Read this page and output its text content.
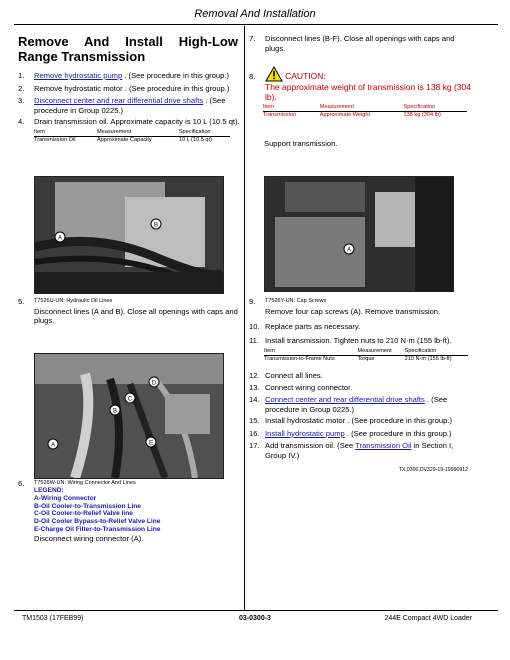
Removal And Installation
Remove And Install High-Low Range Transmission
1. Remove hydrostatic pump . (See procedure in this group.)
2. Remove hydrostatic motor . (See procedure in this group.)
3. Disconnect center and rear differential drive shafts . (See procedure in Group 0225.)
4. Drain transmission oil. Approximate capacity is 10 L (10.5 qt).
Item	Measurement	Specification
Transmission Oil	Approximate Capacity	10 L (10.5 qt)
B
A
5. T7526U-UN: Hydraulic Oil Lines
Disconnect lines (A and B). Close all openings with caps and plugs.
D
C
B
A	E
6. T7526W-UN: Wiring Connector And Lines
LEGEND:
A-Wiring Connector
B-Oil Cooler-to-Transmission Line
C-Oil Cooler-to-Relief Valve line
D-Oil Cooler Bypass-to-Relief Valve Line
E-Charge Oil Filter-to-Transmission Line
Disconnect wiring connector (A).
7. Disconnect lines (B-F). Close all openings with caps and plugs.
8.	CAUTION:
The approximate weight of transmission is 138 kg (304 lb).
Item	Measurement	Specification
Transmission	Approximate Weight	138 kg (304 lb)
Support transmission.
A
9. T7526Y-UN: Cap Screws
Remove four cap screws (A). Remove transmission.
10. Replace parts as necessary.
11. Install transmission. Tighten nuts to 210 N·m (155 lb-ft).
Item	Measurement	Specification
Transmission-to-Frame Nuts	Torque	210 N·m (155 lb-ft)
12. Connect all lines.
13. Connect wiring connector.
14. Connect center and rear differential drive shafts . (See procedure in Group 0225.)
15. Install hydrostatic motor . (See procedure in this group.)
16. Install hydrostatic pump . (See procedure in this group.)
17. Add transmission oil. (See Transmission Oil in Section I, Group IV.)
TX,0300,DV329-19-19990912
TM1503 (17FEB99)	03-0300-3	244E Compact 4WD Loader
